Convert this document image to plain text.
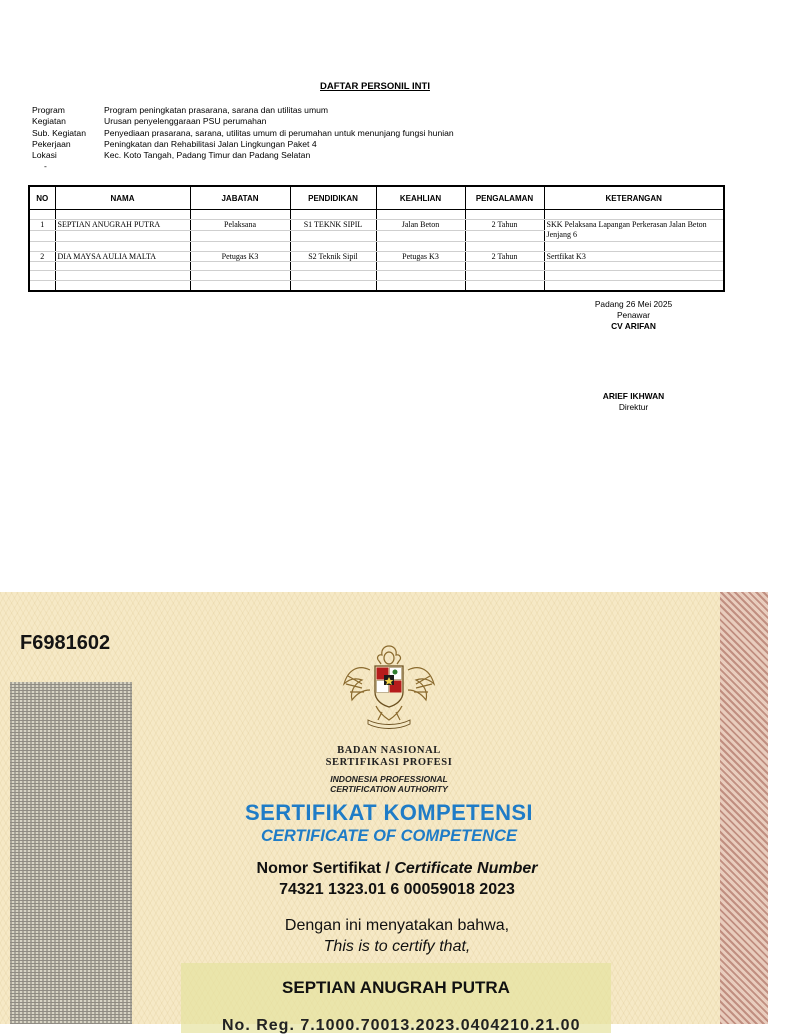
DAFTAR PERSONIL INTI
Program	Program peningkatan prasarana, sarana dan utilitas umum
Kegiatan	Urusan penyelenggaraan PSU perumahan
Sub. Kegiatan	Penyediaan prasarana, sarana, utilitas umum di perumahan untuk menunjang fungsi hunian
Pekerjaan	Peningkatan dan Rehabilitasi Jalan Lingkungan Paket 4
Lokasi	Kec. Koto Tangah, Padang Timur dan Padang Selatan
-
NO	NAMA	JABATAN	PENDIDIKAN	KEAHLIAN	PENGALAMAN	KETERANGAN

1	SEPTIAN ANUGRAH PUTRA	Pelaksana	S1 TEKNK SIPIL	Jalan Beton	2 Tahun	SKK Pelaksana Lapangan Perkerasan Jalan Beton Jenjang 6

2	DIA MAYSA AULIA MALTA	Petugas K3	S2 Teknik Sipil	Petugas K3	2 Tahun	Sertfikat K3

Padang 26 Mei 2025
Penawar
CV ARIFAN
ARIEF IKHWAN
Direktur
F6981602
BADAN NASIONAL
SERTIFIKASI PROFESI
INDONESIA PROFESSIONAL
CERTIFICATION AUTHORITY
SERTIFIKAT KOMPETENSI
CERTIFICATE OF COMPETENCE
Nomor Sertifikat / Certificate Number
74321 1323.01 6 00059018 2023
Dengan ini menyatakan bahwa,
This is to certify that,
SEPTIAN ANUGRAH PUTRA
No. Reg. 7.1000.70013.2023.0404210.21.00
